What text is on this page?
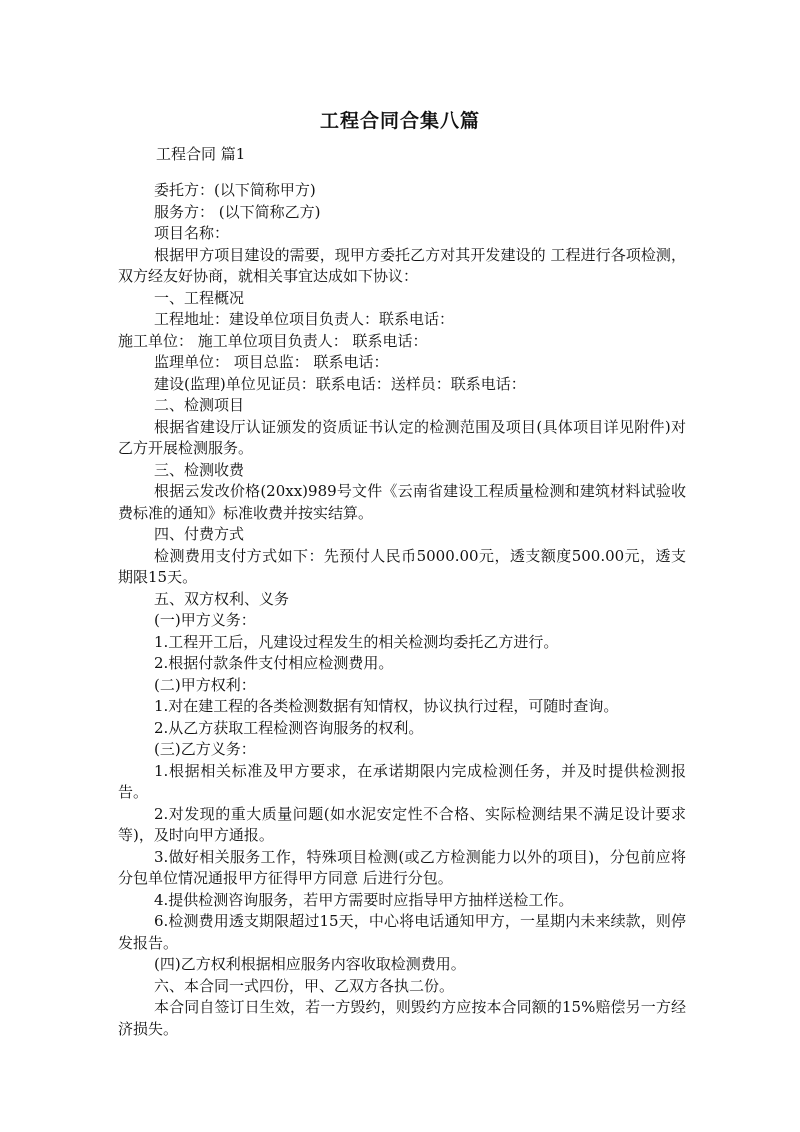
工程合同合集八篇
工程合同 篇1

委托方：(以下简称甲方)

服务方： (以下简称乙方)

项目名称：

根据甲方项目建设的需要，现甲方委托乙方对其开发建设的 工程进行各项检测，双方经友好协商，就相关事宜达成如下协议：

一、工程概况

工程地址：建设单位项目负责人：联系电话：

施工单位： 施工单位项目负责人： 联系电话：

监理单位： 项目总监： 联系电话：

建设(监理)单位见证员：联系电话：送样员：联系电话：

二、检测项目

根据省建设厅认证颁发的资质证书认定的检测范围及项目(具体项目详见附件)对乙方开展检测服务。

三、检测收费

根据云发改价格(20xx)989号文件《云南省建设工程质量检测和建筑材料试验收费标准的通知》标准收费并按实结算。

四、付费方式

检测费用支付方式如下：先预付人民币5000.00元，透支额度500.00元，透支期限15天。

五、双方权利、义务

(一)甲方义务：

1.工程开工后，凡建设过程发生的相关检测均委托乙方进行。

2.根据付款条件支付相应检测费用。

(二)甲方权利：

1.对在建工程的各类检测数据有知情权，协议执行过程，可随时查询。

2.从乙方获取工程检测咨询服务的权利。

(三)乙方义务：

1.根据相关标准及甲方要求，在承诺期限内完成检测任务，并及时提供检测报告。

2.对发现的重大质量问题(如水泥安定性不合格、实际检测结果不满足设计要求等)，及时向甲方通报。

3.做好相关服务工作，特殊项目检测(或乙方检测能力以外的项目)，分包前应将分包单位情况通报甲方征得甲方同意 后进行分包。

4.提供检测咨询服务，若甲方需要时应指导甲方抽样送检工作。

6.检测费用透支期限超过15天，中心将电话通知甲方，一星期内未来续款，则停发报告。

(四)乙方权利根据相应服务内容收取检测费用。

六、本合同一式四份，甲、乙双方各执二份。

本合同自签订日生效，若一方毁约，则毁约方应按本合同额的15%赔偿另一方经济损失。
